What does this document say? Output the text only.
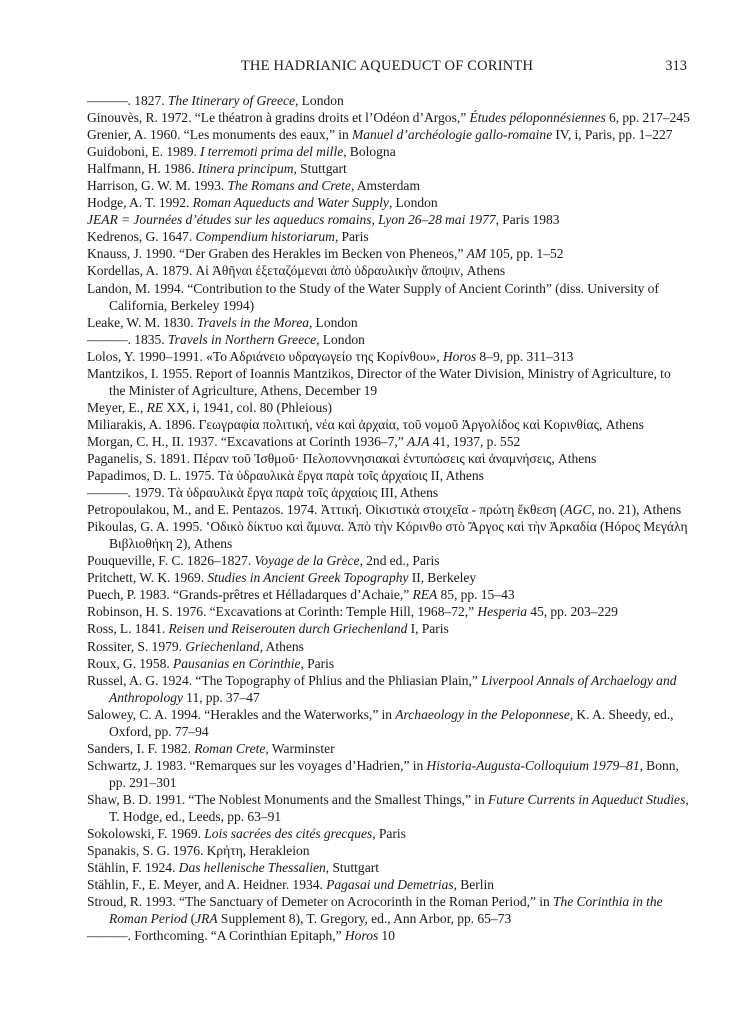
THE HADRIANIC AQUEDUCT OF CORINTH	313
———. 1827. The Itinerary of Greece, London
Ginouvès, R. 1972. “Le théatron à gradins droits et l’Odéon d’Argos,” Études péloponnésiennes 6, pp. 217–245
Grenier, A. 1960. “Les monuments des eaux,” in Manuel d’archéologie gallo-romaine IV, i, Paris, pp. 1–227
Guidoboni, E. 1989. I terremoti prima del mille, Bologna
Halfmann, H. 1986. Itinera principum, Stuttgart
Harrison, G. W. M. 1993. The Romans and Crete, Amsterdam
Hodge, A. T. 1992. Roman Aqueducts and Water Supply, London
JEAR = Journées d’études sur les aqueducs romains, Lyon 26–28 mai 1977, Paris 1983
Kedrenos, G. 1647. Compendium historiarum, Paris
Knauss, J. 1990. “Der Graben des Herakles im Becken von Pheneos,” AM 105, pp. 1–52
Kordellas, A. 1879. Αἱ Ἀθῆναι ἐξεταζόμεναι ἀπὸ ὑδραυλικὴν ἄποψιν, Athens
Landon, M. 1994. “Contribution to the Study of the Water Supply of Ancient Corinth” (diss. University of California, Berkeley 1994)
Leake, W. M. 1830. Travels in the Morea, London
———. 1835. Travels in Northern Greece, London
Lolos, Y. 1990–1991. «Το Αδριάνειο υδραγωγείο της Κορίνθου», Horos 8–9, pp. 311–313
Mantzikos, I. 1955. Report of Ioannis Mantzikos, Director of the Water Division, Ministry of Agriculture, to the Minister of Agriculture, Athens, December 19
Meyer, E., RE XX, i, 1941, col. 80 (Phleious)
Miliarakis, A. 1896. Γεωγραφία πολιτική, νέα καὶ ἀρχαία, τοῦ νομοῦ Ἀργολίδος καὶ Κορινθίας, Athens
Morgan, C. H., II. 1937. “Excavations at Corinth 1936–7,” AJA 41, 1937, p. 552
Paganelis, S. 1891. Πέραν τοῦ Ἰσθμοῦ· Πελοποννησιακαὶ ἐντυπώσεις καὶ ἀναμνήσεις, Athens
Papadimos, D. L. 1975. Τὰ ὑδραυλικὰ ἔργα παρὰ τοῖς ἀρχαίοις II, Athens
———. 1979. Τὰ ὑδραυλικὰ ἔργα παρὰ τοῖς ἀρχαίοις III, Athens
Petropoulakou, M., and E. Pentazos. 1974. Ἀττική. Οἰκιστικὰ στοιχεῖα - πρώτη ἔκθεση (AGC, no. 21), Athens
Pikoulas, G. A. 1995. ʽΟδικὸ δίκτυο καὶ ἄμυνα. Ἀπὸ τὴν Κόρινθο στὸ Ἄργος καὶ τὴν Ἀρκαδία (Ηόρος Μεγάλη Βιβλιοθήκη 2), Athens
Pouqueville, F. C. 1826–1827. Voyage de la Grèce, 2nd ed., Paris
Pritchett, W. K. 1969. Studies in Ancient Greek Topography II, Berkeley
Puech, P. 1983. “Grands-prêtres et Hélladarques d’Achaie,” REA 85, pp. 15–43
Robinson, H. S. 1976. “Excavations at Corinth: Temple Hill, 1968–72,” Hesperia 45, pp. 203–229
Ross, L. 1841. Reisen und Reiserouten durch Griechenland I, Paris
Rossiter, S. 1979. Griechenland, Athens
Roux, G. 1958. Pausanias en Corinthie, Paris
Russel, A. G. 1924. “The Topography of Phlius and the Phliasian Plain,” Liverpool Annals of Archaelogy and Anthropology 11, pp. 37–47
Salowey, C. A. 1994. “Herakles and the Waterworks,” in Archaeology in the Peloponnese, K. A. Sheedy, ed., Oxford, pp. 77–94
Sanders, I. F. 1982. Roman Crete, Warminster
Schwartz, J. 1983. “Remarques sur les voyages d’Hadrien,” in Historia-Augusta-Colloquium 1979–81, Bonn, pp. 291–301
Shaw, B. D. 1991. “The Noblest Monuments and the Smallest Things,” in Future Currents in Aqueduct Studies, T. Hodge, ed., Leeds, pp. 63–91
Sokolowski, F. 1969. Lois sacrées des cités grecques, Paris
Spanakis, S. G. 1976. Κρήτη, Herakleion
Stählin, F. 1924. Das hellenische Thessalien, Stuttgart
Stählin, F., E. Meyer, and A. Heidner. 1934. Pagasai und Demetrias, Berlin
Stroud, R. 1993. “The Sanctuary of Demeter on Acrocorinth in the Roman Period,” in The Corinthia in the Roman Period (JRA Supplement 8), T. Gregory, ed., Ann Arbor, pp. 65–73
———. Forthcoming. “A Corinthian Epitaph,” Horos 10
